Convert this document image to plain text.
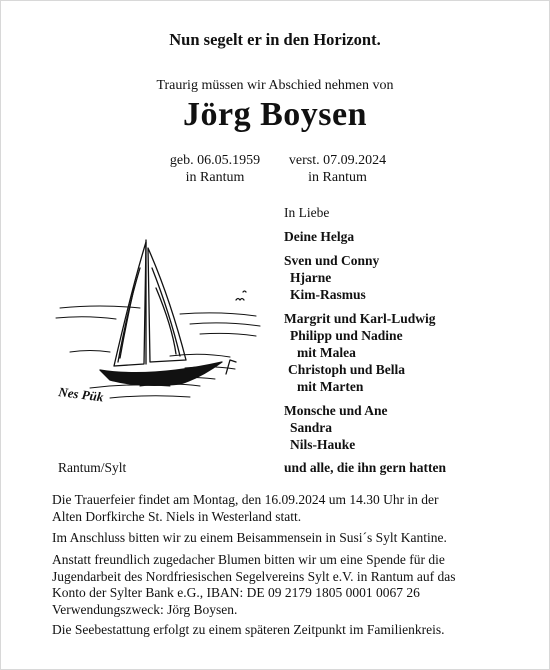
Nun segelt er in den Horizont.
Traurig müssen wir Abschied nehmen von
Jörg Boysen
geb. 06.05.1959
in Rantum
verst. 07.09.2024
in Rantum
Nes Pük
In Liebe
Deine Helga
Sven und Conny
Hjarne
Kim-Rasmus
Margrit und Karl-Ludwig
Philipp und Nadine
mit Malea
Christoph und Bella
mit Marten
Monsche und Ane
Sandra
Nils-Hauke
Rantum/Sylt	und alle, die ihn gern hatten
Die Trauerfeier findet am Montag, den 16.09.2024 um 14.30 Uhr in der
Alten Dorfkirche St. Niels in Westerland statt.
Im Anschluss bitten wir zu einem Beisammensein in Susi´s Sylt Kantine.
Anstatt freundlich zugedacher Blumen bitten wir um eine Spende für die
Jugendarbeit des Nordfriesischen Segelvereins Sylt e.V. in Rantum auf das
Konto der Sylter Bank e.G., IBAN: DE 09 2179 1805 0001 0067 26
Verwendungszweck: Jörg Boysen.
Die Seebestattung erfolgt zu einem späteren Zeitpunkt im Familienkreis.
